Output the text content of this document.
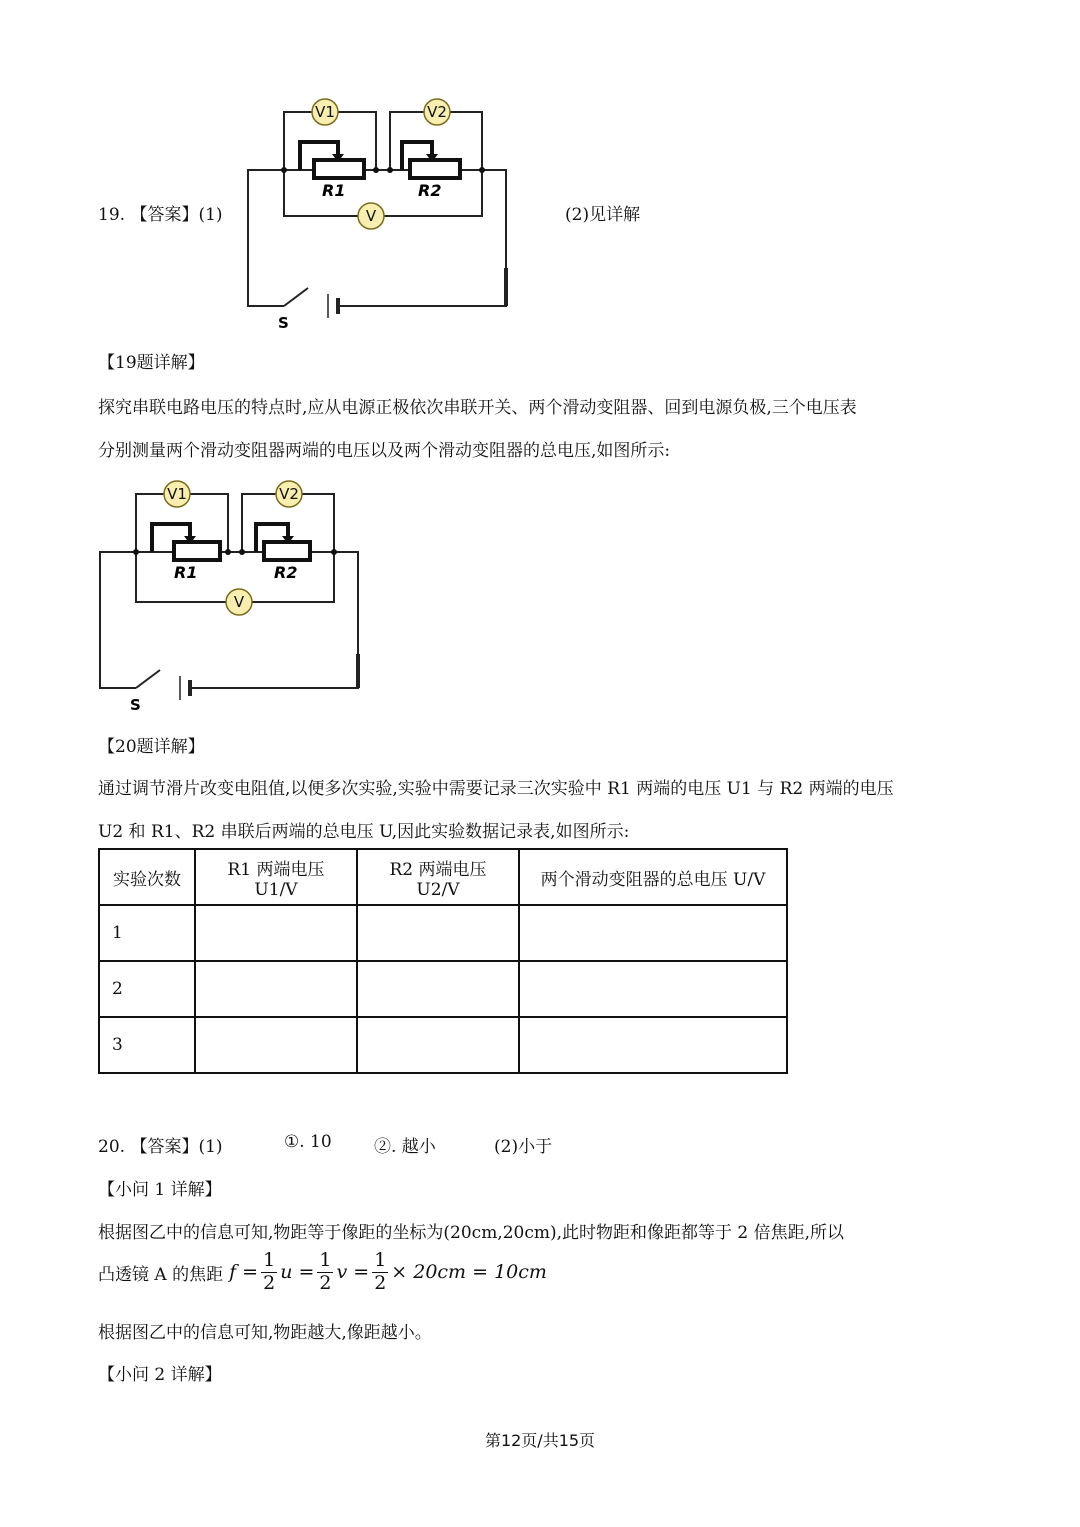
19. 【答案】(1)	(2)见详解
R1	R2
V1	V2
V
S
【19题详解】
探究串联电路电压的特点时,应从电源正极依次串联开关、两个滑动变阻器、回到电源负极,三个电压表
分别测量两个滑动变阻器两端的电压以及两个滑动变阻器的总电压,如图所示:
R1	R2
V1	V2
V
S
【20题详解】
通过调节滑片改变电阻值,以便多次实验,实验中需要记录三次实验中 R1 两端的电压 U1 与 R2 两端的电压
U2 和 R1、R2 串联后两端的总电压 U,因此实验数据记录表,如图所示:
实验次数	R1 两端电压 U1/V	R2 两端电压 U2/V	两个滑动变阻器的总电压 U/V
1			
2			
3			
20. 【答案】(1)	①. 10 ②. 越小	(2)小于
【小问 1 详解】
根据图乙中的信息可知,物距等于像距的坐标为(20cm,20cm),此时物距和像距都等于 2 倍焦距,所以
凸透镜 A 的焦距 $f = \frac{1}{2}$ $u = \frac{1}{2}$ $v = \frac{1}{2} \times 20cm = 10cm$
根据图乙中的信息可知,物距越大,像距越小。
【小问 2 详解】
第12页/共15页
